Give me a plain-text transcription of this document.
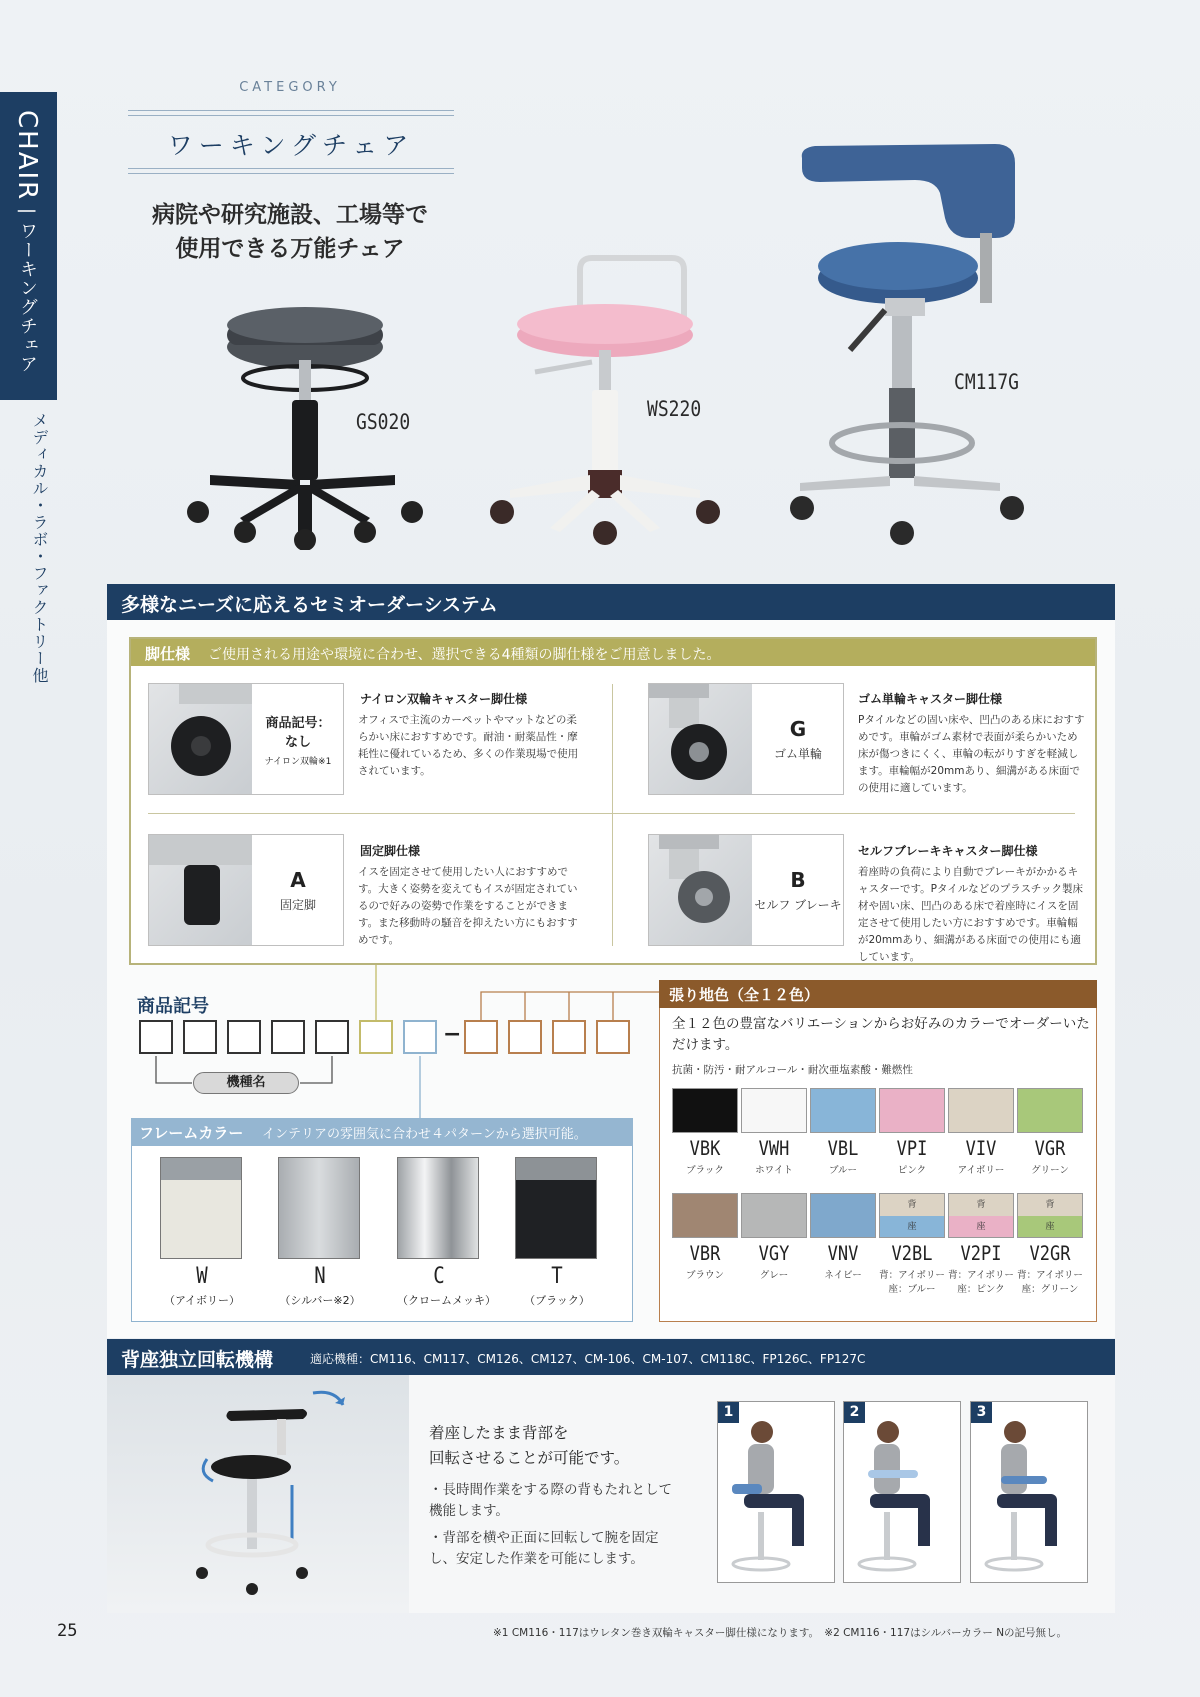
CHAIR | ワーキングチェア
メディカル・ラボ・ファクトリー他
CATEGORY
ワーキングチェア
病院や研究施設、工場等で
使用できる万能チェア
GS020
WS220
CM117G
多様なニーズに応えるセミオーダーシステム
脚仕様 ご使用される用途や環境に合わせ、選択できる4種類の脚仕様をご用意しました。
商品記号：
なし
ナイロン双輪※1
ナイロン双輪キャスター脚仕様
オフィスで主流のカーペットやマットなどの柔らかい床におすすめです。耐油・耐薬品性・摩耗性に優れているため、多くの作業現場で使用されています。
G
ゴム単輪
ゴム単輪キャスター脚仕様
Pタイルなどの固い床や、凹凸のある床におすすめです。車輪がゴム素材で表面が柔らかいため床が傷つきにくく、車輪の転がりすぎを軽減します。車輪幅が20mmあり、細溝がある床面での使用に適しています。
A
固定脚
固定脚仕様
イスを固定させて使用したい人におすすめです。大きく姿勢を変えてもイスが固定されているので好みの姿勢で作業をすることができます。また移動時の騒音を抑えたい方にもおすすめです。
B
セルフ ブレーキ
セルフブレーキキャスター脚仕様
着座時の負荷により自動でブレーキがかかるキャスターです。Pタイルなどのプラスチック製床材や固い床、凹凸のある床で着座時にイスを固定させて使用したい方におすすめです。車輪幅が20mmあり、細溝がある床面での使用にも適しています。
商品記号
−
機種名
フレームカラー インテリアの雰囲気に合わせ４パターンから選択可能。
W
（アイボリー）
N
（シルバー※2）
C
（クロームメッキ）
T
（ブラック）
張り地色（全１２色）
全１２色の豊富なバリエーションからお好みのカラーでオーダーいただけます。
抗菌・防汚・耐アルコール・耐次亜塩素酸・難燃性
VBK
ブラック
VWH
ホワイト
VBL
ブルー
VPI
ピンク
VIV
アイボリー
VGR
グリーン
VBR
ブラウン
VGY
グレー
VNV
ネイビー
背
座
V2BL
背：アイボリー
座：ブルー
背
座
V2PI
背：アイボリー
座：ピンク
背
座
V2GR
背：アイボリー
座：グリーン
背座独立回転機構	適応機種：CM116、CM117、CM126、CM127、CM-106、CM-107、CM118C、FP126C、FP127C
着座したまま背部を
回転させることが可能です。
・長時間作業をする際の背もたれとして機能します。
・背部を横や正面に回転して腕を固定し、安定した作業を可能にします。
1	2	3
25	※1 CM116・117はウレタン巻き双輪キャスター脚仕様になります。　※2 CM116・117はシルバーカラー Nの記号無し。
